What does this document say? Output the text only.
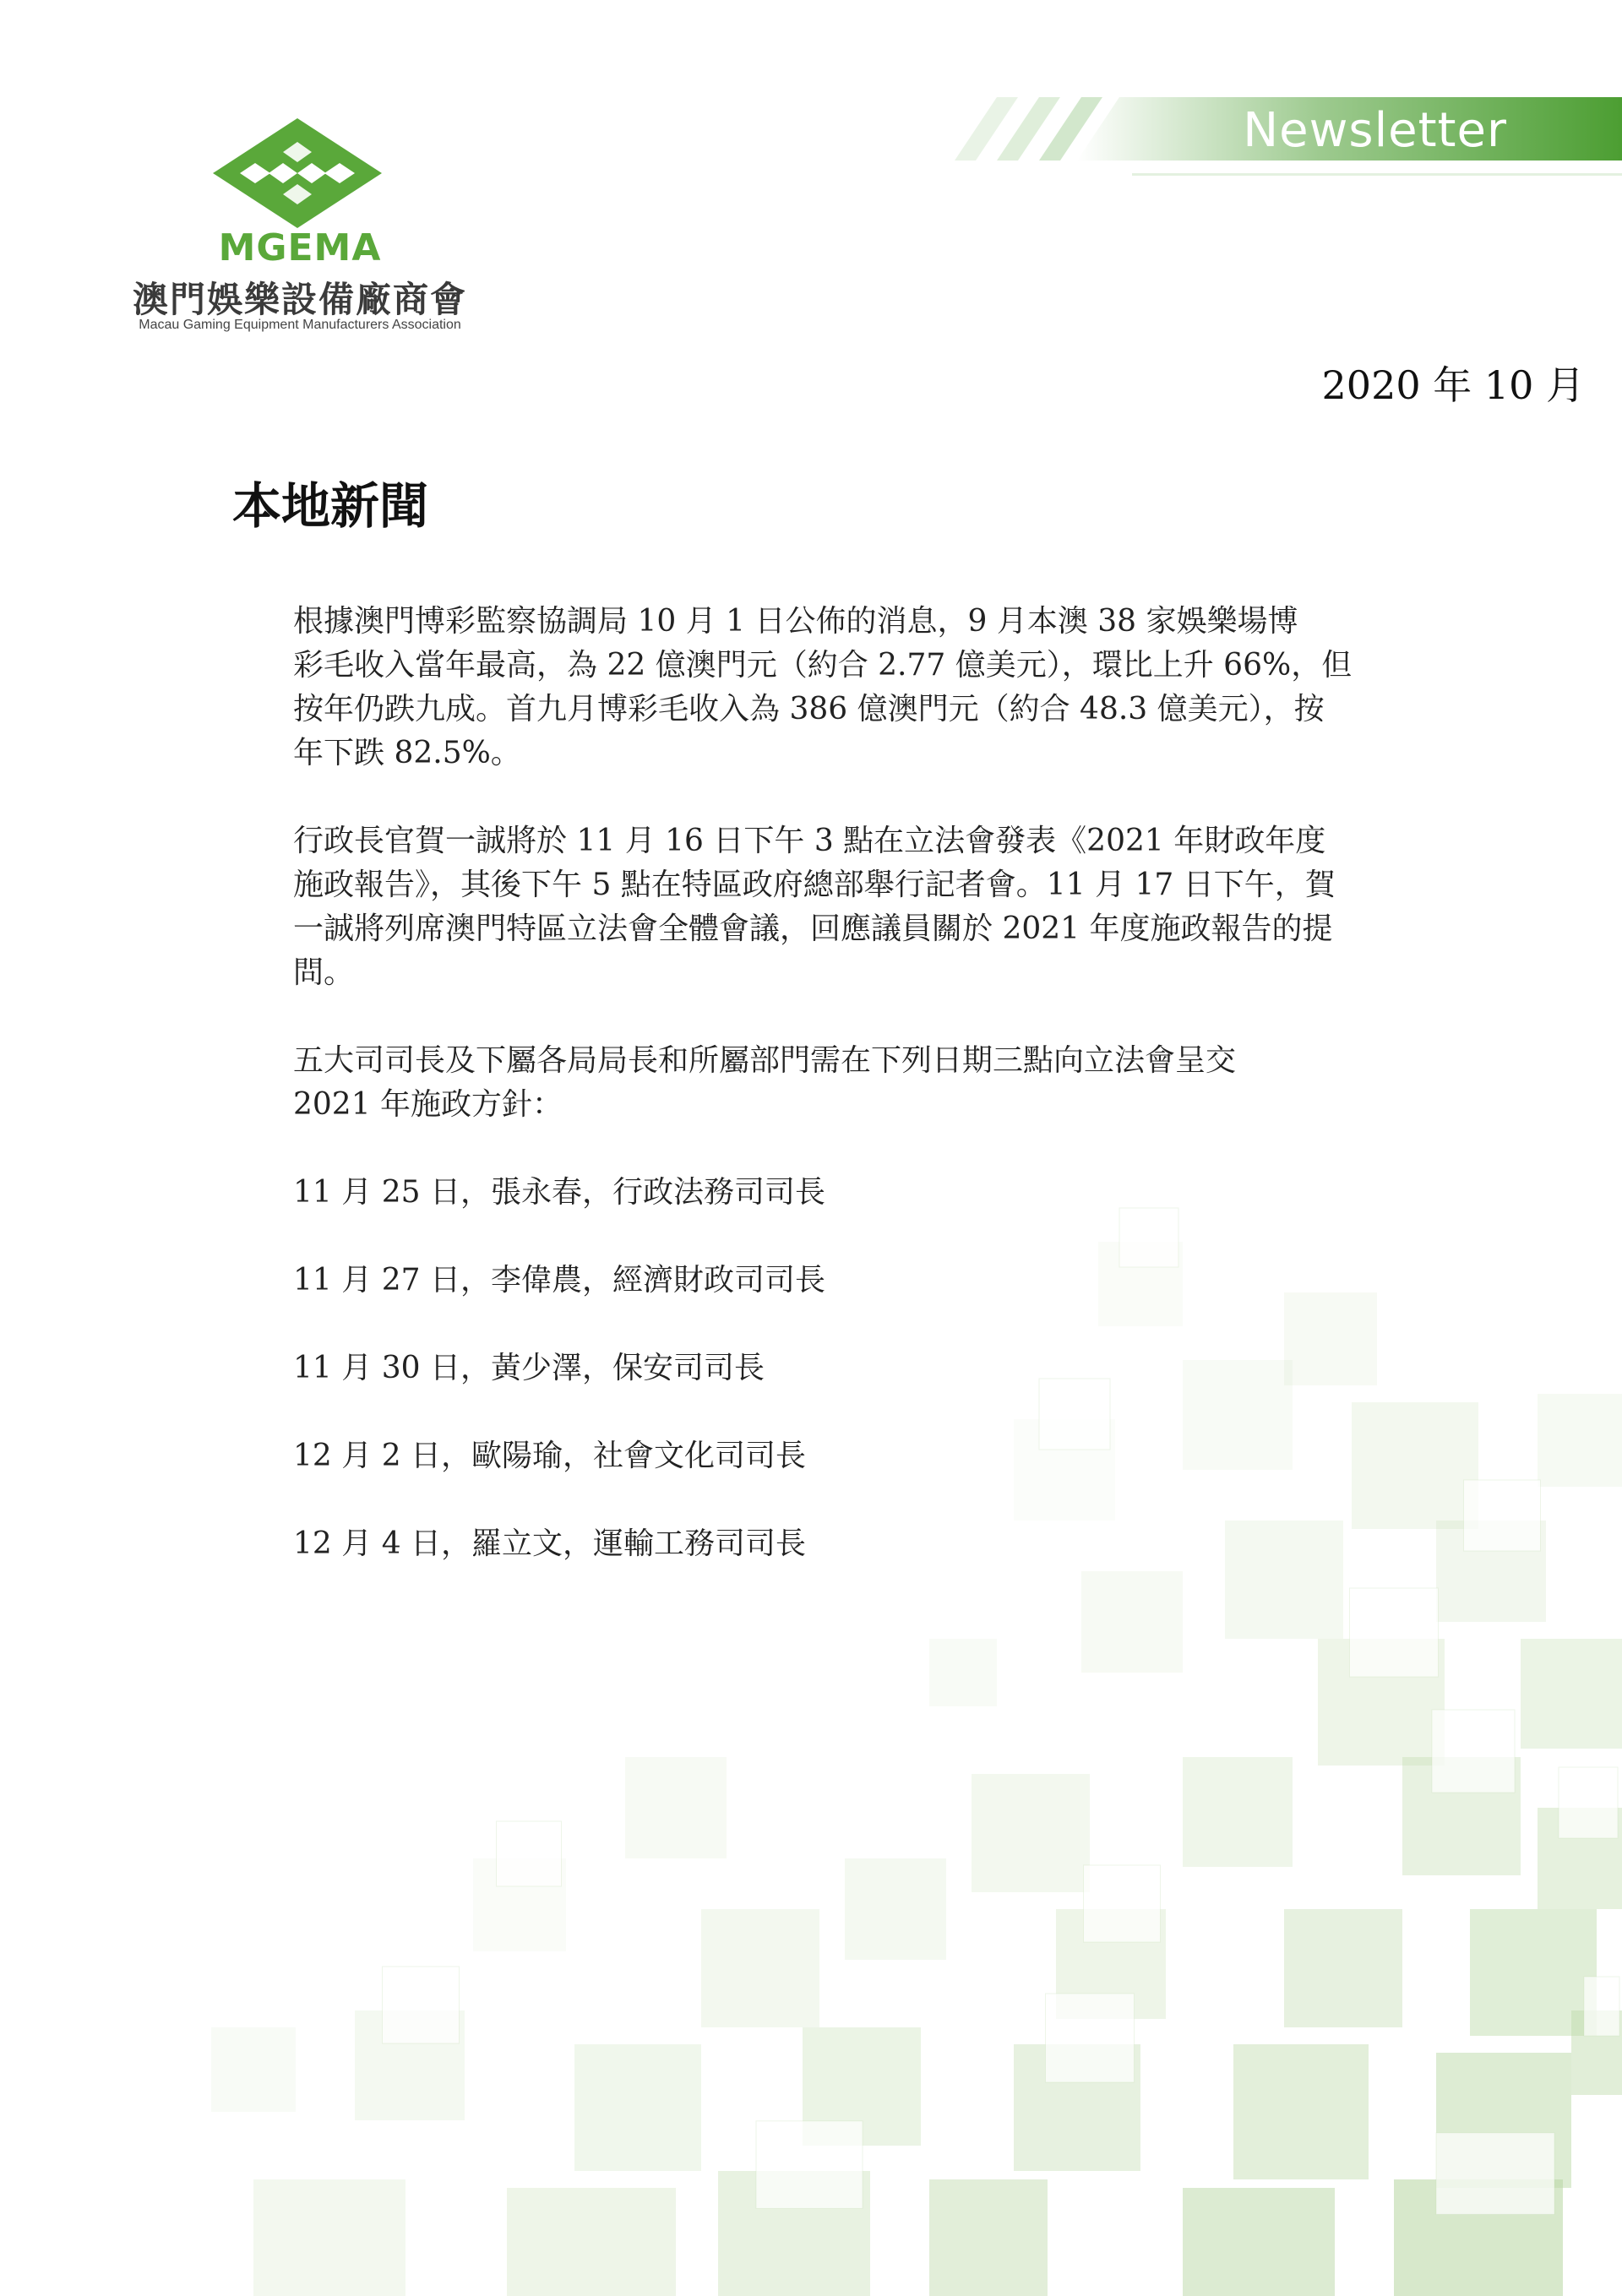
MGEMA
澳門娛樂設備廠商會
Macau Gaming Equipment Manufacturers Association
Newsletter
2020 年 10 月
本地新聞

根據澳門博彩監察協調局 10 月 1 日公佈的消息，9 月本澳 38 家娛樂場博
彩毛收入當年最高，為 22 億澳門元（約合 2.77 億美元），環比上升 66%，但
按年仍跌九成。首九月博彩毛收入為 386 億澳門元（約合 48.3 億美元），按
年下跌 82.5%。

行政長官賀一誠將於 11 月 16 日下午 3 點在立法會發表《2021 年財政年度
施政報告》，其後下午 5 點在特區政府總部舉行記者會。11 月 17 日下午，賀
一誠將列席澳門特區立法會全體會議，回應議員關於 2021 年度施政報告的提
問。

五大司司長及下屬各局局長和所屬部門需在下列日期三點向立法會呈交
2021 年施政方針：

11 月 25 日，張永春，行政法務司司長
11 月 27 日，李偉農，經濟財政司司長
11 月 30 日，黃少澤，保安司司長
12 月 2 日，歐陽瑜，社會文化司司長
12 月 4 日，羅立文，運輸工務司司長
